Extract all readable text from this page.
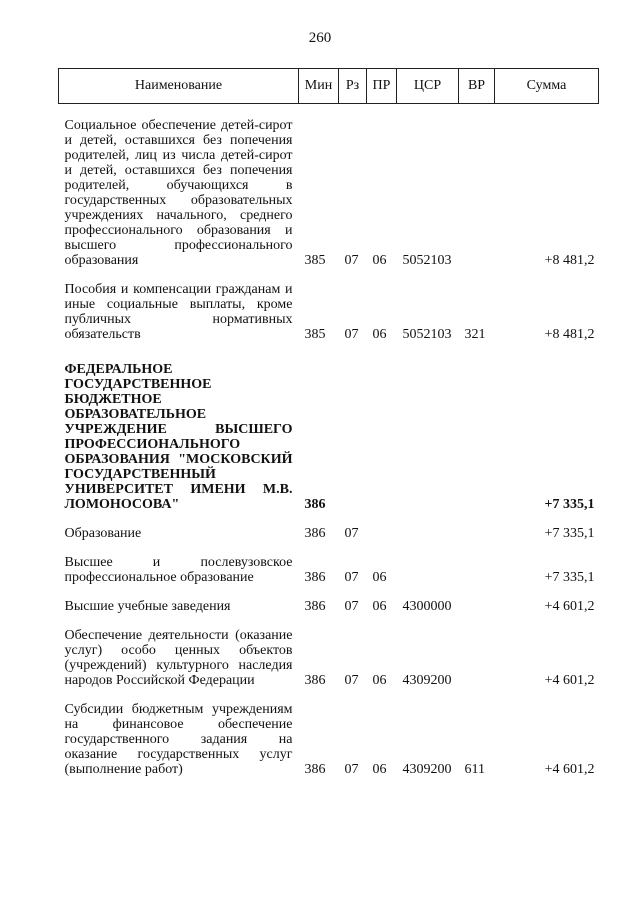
260
Наименование	Мин	Рз	ПР	ЦСР	ВР	Сумма

Социальное обеспечение детей-сирот и детей, оставшихся без попечения родителей, лиц из числа детей-сирот и детей, оставшихся без попечения родителей, обучающихся в государственных образовательных учреждениях начального, среднего профессионального образования и высшего профессионального образования	385	07	06	5052103		+8 481,2

Пособия и компенсации гражданам и иные социальные выплаты, кроме публичных нормативных обязательств	385	07	06	5052103	321	+8 481,2

ФЕДЕРАЛЬНОЕ ГОСУДАРСТВЕННОЕ БЮДЖЕТНОЕ ОБРАЗОВАТЕЛЬНОЕ УЧРЕЖДЕНИЕ ВЫСШЕГО ПРОФЕССИОНАЛЬНОГО ОБРАЗОВАНИЯ "МОСКОВСКИЙ ГОСУДАРСТВЕННЫЙ УНИВЕРСИТЕТ ИМЕНИ М.В. ЛОМОНОСОВА"	386					+7 335,1

Образование	386	07				+7 335,1

Высшее и послевузовское профессиональное образование	386	07	06			+7 335,1

Высшие учебные заведения	386	07	06	4300000		+4 601,2

Обеспечение деятельности (оказание услуг) особо ценных объектов (учреждений) культурного наследия народов Российской Федерации	386	07	06	4309200		+4 601,2

Субсидии бюджетным учреждениям на финансовое обеспечение государственного задания на оказание государственных услуг (выполнение работ)	386	07	06	4309200	611	+4 601,2
